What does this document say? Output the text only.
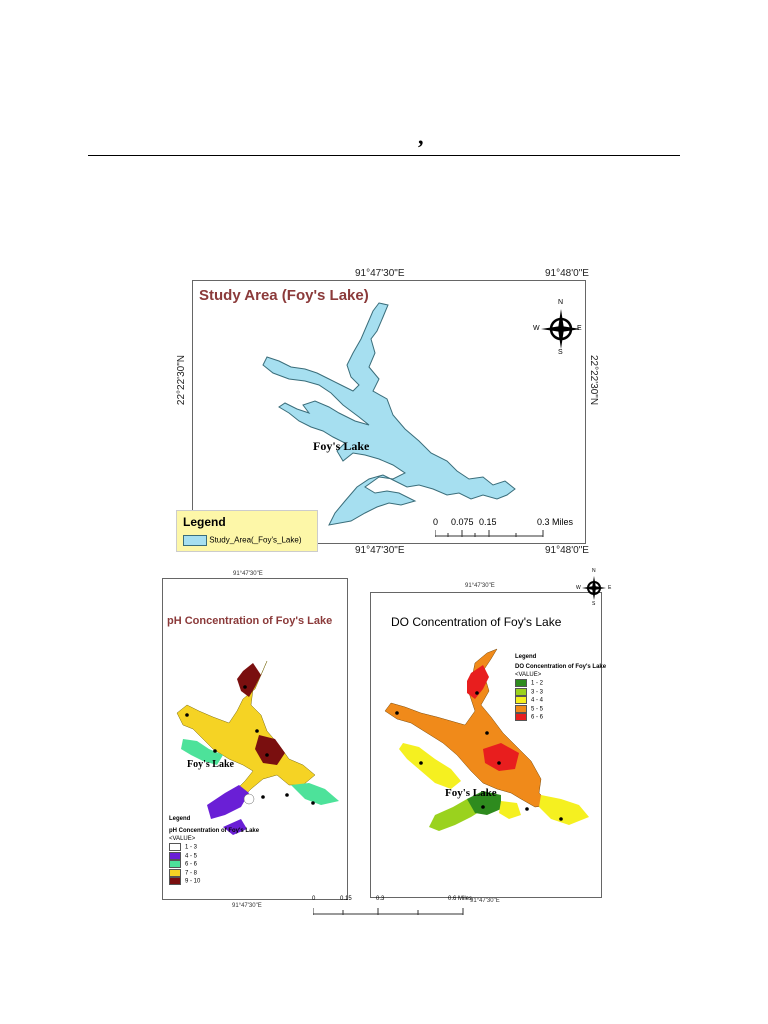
,
91°47'30"E	91°48'0"E
91°47'30"E	91°48'0"E
22°22'30"N	22°22'30"N
Study Area (Foy's Lake)
Foy's Lake
N
S
W	E
0 0.075 0.15	0.3 Miles
Legend
Study_Area(_Foy's_Lake)
91°47'30"E
91°47'30"E
pH Concentration of Foy's Lake
Foy's Lake
Legend
pH Concentration of Foy's Lake
<VALUE>
1 - 3
4 - 5
6 - 6
7 - 8
9 - 10
91°47'30"E
91°47'30"E
DO Concentration of Foy's Lake
Foy's Lake
Legend
DO Concentration of Foy's Lake
<VALUE>
1 - 2
3 - 3
4 - 4
5 - 5
6 - 6
N
S
W	E
0	0.15	0.3	0.6 Miles
